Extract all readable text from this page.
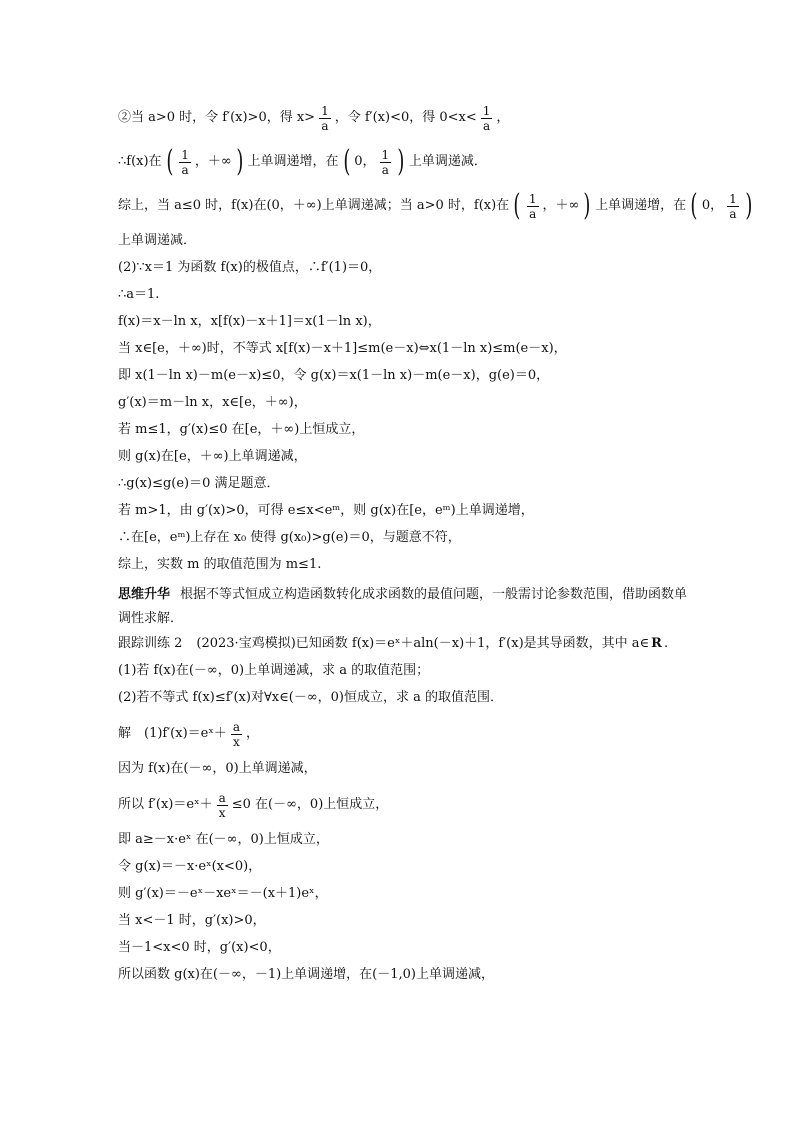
②当 a>0 时，令 f′(x)>0，得 $x> \frac{1}{a}$ ，令 f′(x)<0，得 $0<x< \frac{1}{a}$ ，
∴f(x)在 ( $\frac{1}{a}$ ，＋∞ ) 上单调递增，在 ( 0， $\frac{1}{a}$ ) 上单调递减．
综上，当 a≤0 时，f(x)在(0，＋∞)上单调递减；当 a>0 时，f(x)在 ( $\frac{1}{a}$ ，＋∞ ) 上单调递增，在 ( 0， $\frac{1}{a}$ )
上单调递减．
(2)∵x＝1 为函数 f(x)的极值点，∴f′(1)＝0，
∴a＝1.
f(x)＝x－ln x，x[f(x)－x＋1]＝x(1－ln x)，
当 x∈[e，＋∞)时，不等式 x[f(x)－x＋1]≤m(e－x)⇔x(1－ln x)≤m(e－x)，
即 x(1－ln x)－m(e－x)≤0，令 g(x)＝x(1－ln x)－m(e－x)，g(e)＝0，
g′(x)＝m－ln x，x∈[e，＋∞)，
若 m≤1，g′(x)≤0 在[e，＋∞)上恒成立，
则 g(x)在[e，＋∞)上单调递减，
∴g(x)≤g(e)＝0 满足题意．
若 m>1，由 g′(x)>0，可得 e≤x<eᵐ，则 g(x)在[e，eᵐ)上单调递增，
∴在[e，eᵐ)上存在 x₀ 使得 g(x₀)>g(e)＝0，与题意不符，
综上，实数 m 的取值范围为 m≤1.
思维升华 根据不等式恒成立构造函数转化成求函数的最值问题，一般需讨论参数范围，借助函数单调性求解．
跟踪训练 2 (2023·宝鸡模拟)已知函数 f(x)＝eˣ＋aln(－x)＋1，f′(x)是其导函数，其中 a∈ R .
(1)若 f(x)在(－∞，0)上单调递减，求 a 的取值范围；
(2)若不等式 f(x)≤f′(x)对∀x∈(－∞，0)恒成立，求 a 的取值范围．
解　(1)f′(x)＝eˣ＋ $\frac{a}{x}$ ，
因为 f(x)在(－∞，0)上单调递减，
所以 f′(x)＝eˣ＋ $\frac{a}{x} \le 0$ 在(－∞，0)上恒成立，
即 a≥－x·eˣ 在(－∞，0)上恒成立，
令 g(x)＝－x·eˣ(x<0)，
则 g′(x)＝－eˣ－xeˣ＝－(x＋1)eˣ，
当 x<－1 时，g′(x)>0，
当－1<x<0 时，g′(x)<0，
所以函数 g(x)在(－∞，－1)上单调递增，在(－1,0)上单调递减，
